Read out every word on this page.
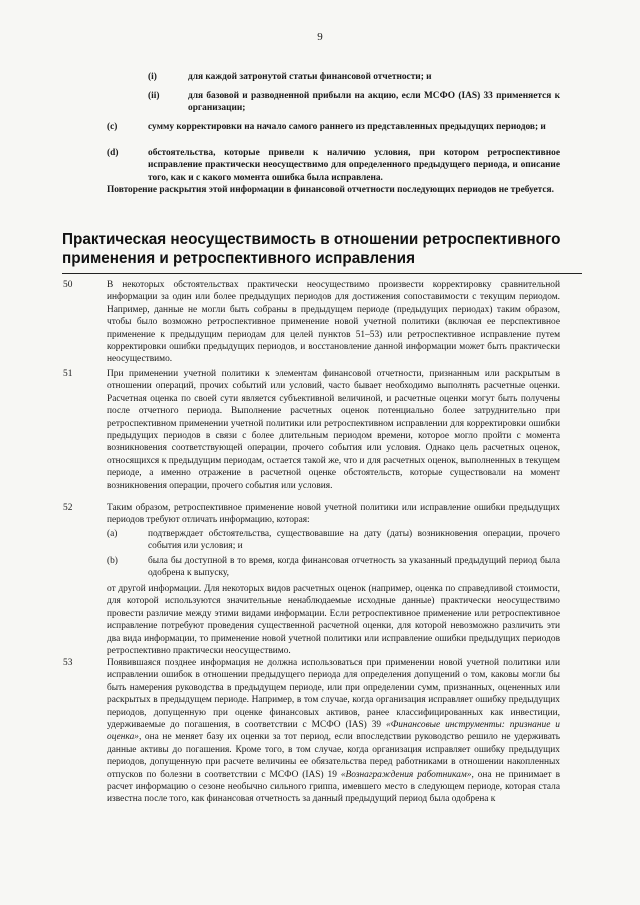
9
(i)	для каждой затронутой статьи финансовой отчетности; и
(ii)	для базовой и разводненной прибыли на акцию, если МСФО (IAS) 33 применяется к организации;
(c)	сумму корректировки на начало самого раннего из представленных предыдущих периодов; и
(d)	обстоятельства, которые привели к наличию условия, при котором ретроспективное исправление практически неосуществимо для определенного предыдущего периода, и описание того, как и с какого момента ошибка была исправлена.
Повторение раскрытия этой информации в финансовой отчетности последующих периодов не требуется.
Практическая неосуществимость в отношении ретроспективного применения и ретроспективного исправления
50	В некоторых обстоятельствах практически неосуществимо произвести корректировку сравнительной информации за один или более предыдущих периодов для достижения сопоставимости с текущим периодом. Например, данные не могли быть собраны в предыдущем периоде (предыдущих периодах) таким образом, чтобы было возможно ретроспективное применение новой учетной политики (включая ее перспективное применение к предыдущим периодам для целей пунктов 51–53) или ретроспективное исправление путем корректировки ошибки предыдущих периодов, и восстановление данной информации может быть практически неосуществимо.
51	При применении учетной политики к элементам финансовой отчетности, признанным или раскрытым в отношении операций, прочих событий или условий, часто бывает необходимо выполнять расчетные оценки. Расчетная оценка по своей сути является субъективной величиной, и расчетные оценки могут быть получены после отчетного периода. Выполнение расчетных оценок потенциально более затруднительно при ретроспективном применении учетной политики или ретроспективном исправлении для корректировки ошибки предыдущих периодов в связи с более длительным периодом времени, которое могло пройти с момента возникновения соответствующей операции, прочего события или условия. Однако цель расчетных оценок, относящихся к предыдущим периодам, остается такой же, что и для расчетных оценок, выполненных в текущем периоде, а именно отражение в расчетной оценке обстоятельств, которые существовали на момент возникновения операции, прочего события или условия.
52	Таким образом, ретроспективное применение новой учетной политики или исправление ошибки предыдущих периодов требуют отличать информацию, которая:
(a)	подтверждает обстоятельства, существовавшие на дату (даты) возникновения операции, прочего события или условия; и
(b)	была бы доступной в то время, когда финансовая отчетность за указанный предыдущий период была одобрена к выпуску,
от другой информации. Для некоторых видов расчетных оценок (например, оценка по справедливой стоимости, для которой используются значительные ненаблюдаемые исходные данные) практически неосуществимо провести различие между этими видами информации. Если ретроспективное применение или ретроспективное исправление потребуют проведения существенной расчетной оценки, для которой невозможно различить эти два вида информации, то применение новой учетной политики или исправление ошибки предыдущих периодов ретроспективно практически неосуществимо.
53	Появившаяся позднее информация не должна использоваться при применении новой учетной политики или исправлении ошибок в отношении предыдущего периода для определения допущений о том, каковы могли бы быть намерения руководства в предыдущем периоде, или при определении сумм, признанных, оцененных или раскрытых в предыдущем периоде. Например, в том случае, когда организация исправляет ошибку предыдущих периодов, допущенную при оценке финансовых активов, ранее классифицированных как инвестиции, удерживаемые до погашения, в соответствии с МСФО (IAS) 39 «Финансовые инструменты: признание и оценка», она не меняет базу их оценки за тот период, если впоследствии руководство решило не удерживать данные активы до погашения. Кроме того, в том случае, когда организация исправляет ошибку предыдущих периодов, допущенную при расчете величины ее обязательства перед работниками в отношении накопленных отпусков по болезни в соответствии с МСФО (IAS) 19 «Вознаграждения работникам», она не принимает в расчет информацию о сезоне необычно сильного гриппа, имевшего место в следующем периоде, которая стала известна после того, как финансовая отчетность за данный предыдущий период была одобрена к
